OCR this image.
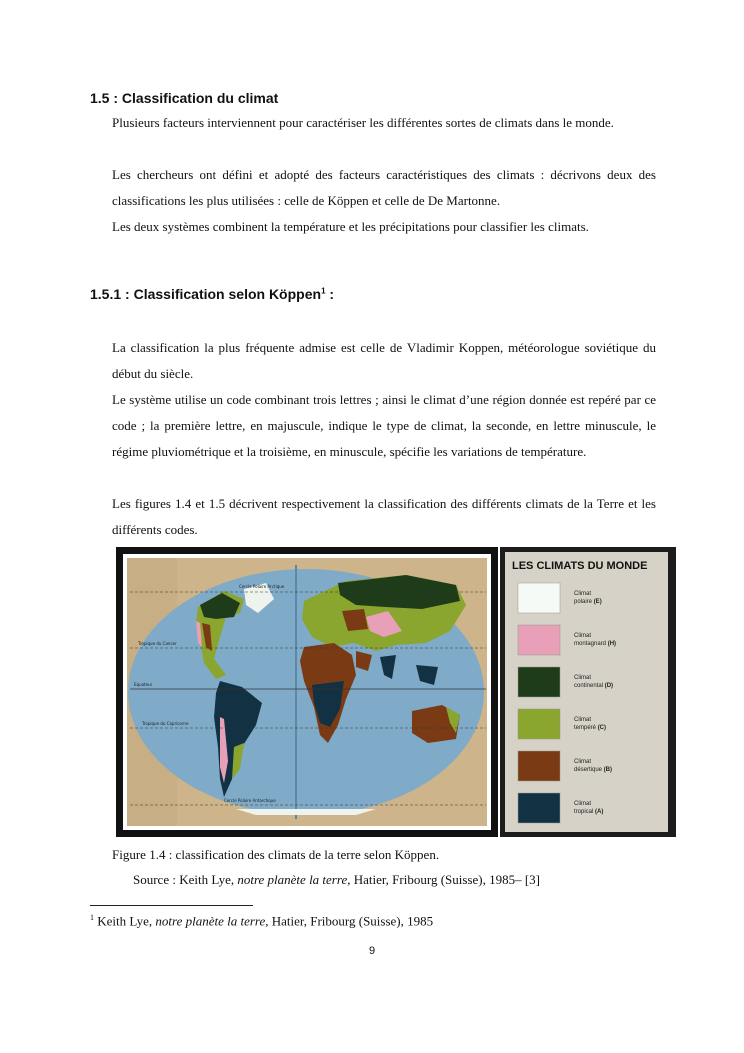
1.5 : Classification du climat

Plusieurs facteurs interviennent pour caractériser les différentes sortes de climats dans le monde.

Les chercheurs ont défini et adopté des facteurs caractéristiques des climats : décrivons deux des classifications les plus utilisées : celle de Köppen et celle de De Martonne.

Les deux systèmes combinent la température et les précipitations pour classifier les climats.

1.5.1 : Classification selon Köppen$^1$ :

La classification la plus fréquente admise est celle de Vladimir Koppen, météorologue soviétique du début du siècle.

Le système utilise un code combinant trois lettres ; ainsi le climat d’une région donnée est repéré par ce code ; la première lettre, en majuscule, indique le type de climat, la seconde, en lettre minuscule, le régime pluviométrique et la troisième, en minuscule, spécifie les variations de température.

Les figures 1.4 et 1.5 décrivent respectivement la classification des différents climats de la Terre et les différents codes.

Cercle Polaire Arctique
Tropique du Cancer
Equateur
Tropique du Capricorne
Cercle Polaire Antarctique
LES CLIMATS DU MONDE
Climat
polaire (E)
Climat
montagnard (H)
Climat
continental (D)
Climat
tempéré (C)
Climat
désertique (B)
Climat
tropical (A)
Figure 1.4 : classification des climats de la terre selon Köppen.
Source : Keith Lye, notre planète la terre, Hatier, Fribourg (Suisse), 1985– [3]
$^1$ Keith Lye, notre planète la terre, Hatier, Fribourg (Suisse), 1985
9
